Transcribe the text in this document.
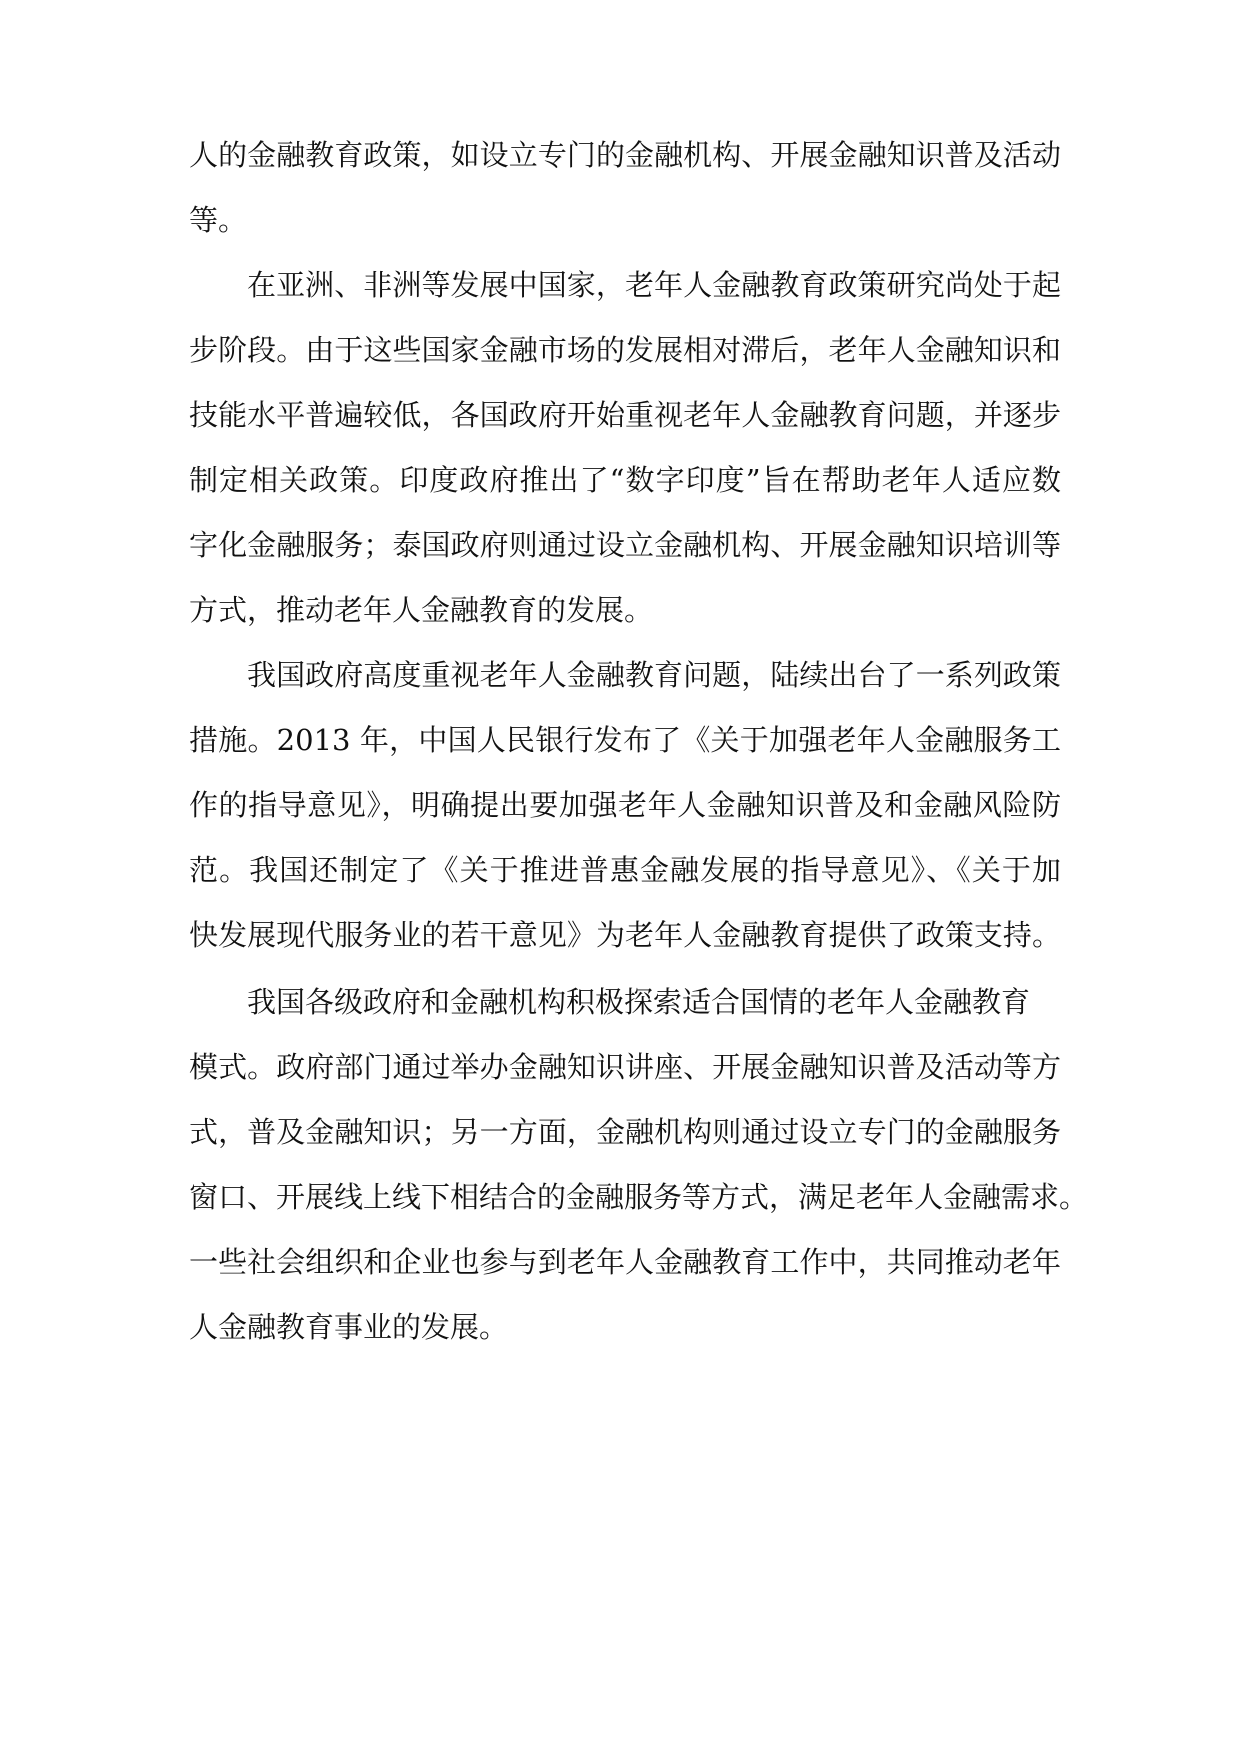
人的金融教育政策，如设立专门的金融机构、开展金融知识普及活动
等。
在亚洲、非洲等发展中国家，老年人金融教育政策研究尚处于起
步阶段。由于这些国家金融市场的发展相对滞后，老年人金融知识和
技能水平普遍较低，各国政府开始重视老年人金融教育问题，并逐步
制定相关政策。印度政府推出了“数字印度”旨在帮助老年人适应数
字化金融服务；泰国政府则通过设立金融机构、开展金融知识培训等
方式，推动老年人金融教育的发展。
我国政府高度重视老年人金融教育问题，陆续出台了一系列政策
措施。2013 年，中国人民银行发布了《关于加强老年人金融服务工
作的指导意见》，明确提出要加强老年人金融知识普及和金融风险防
范。我国还制定了《关于推进普惠金融发展的指导意见》、《关于加
快发展现代服务业的若干意见》为老年人金融教育提供了政策支持。
我国各级政府和金融机构积极探索适合国情的老年人金融教育
模式。政府部门通过举办金融知识讲座、开展金融知识普及活动等方
式，普及金融知识；另一方面，金融机构则通过设立专门的金融服务
窗口、开展线上线下相结合的金融服务等方式，满足老年人金融需求。
一些社会组织和企业也参与到老年人金融教育工作中，共同推动老年
人金融教育事业的发展。
